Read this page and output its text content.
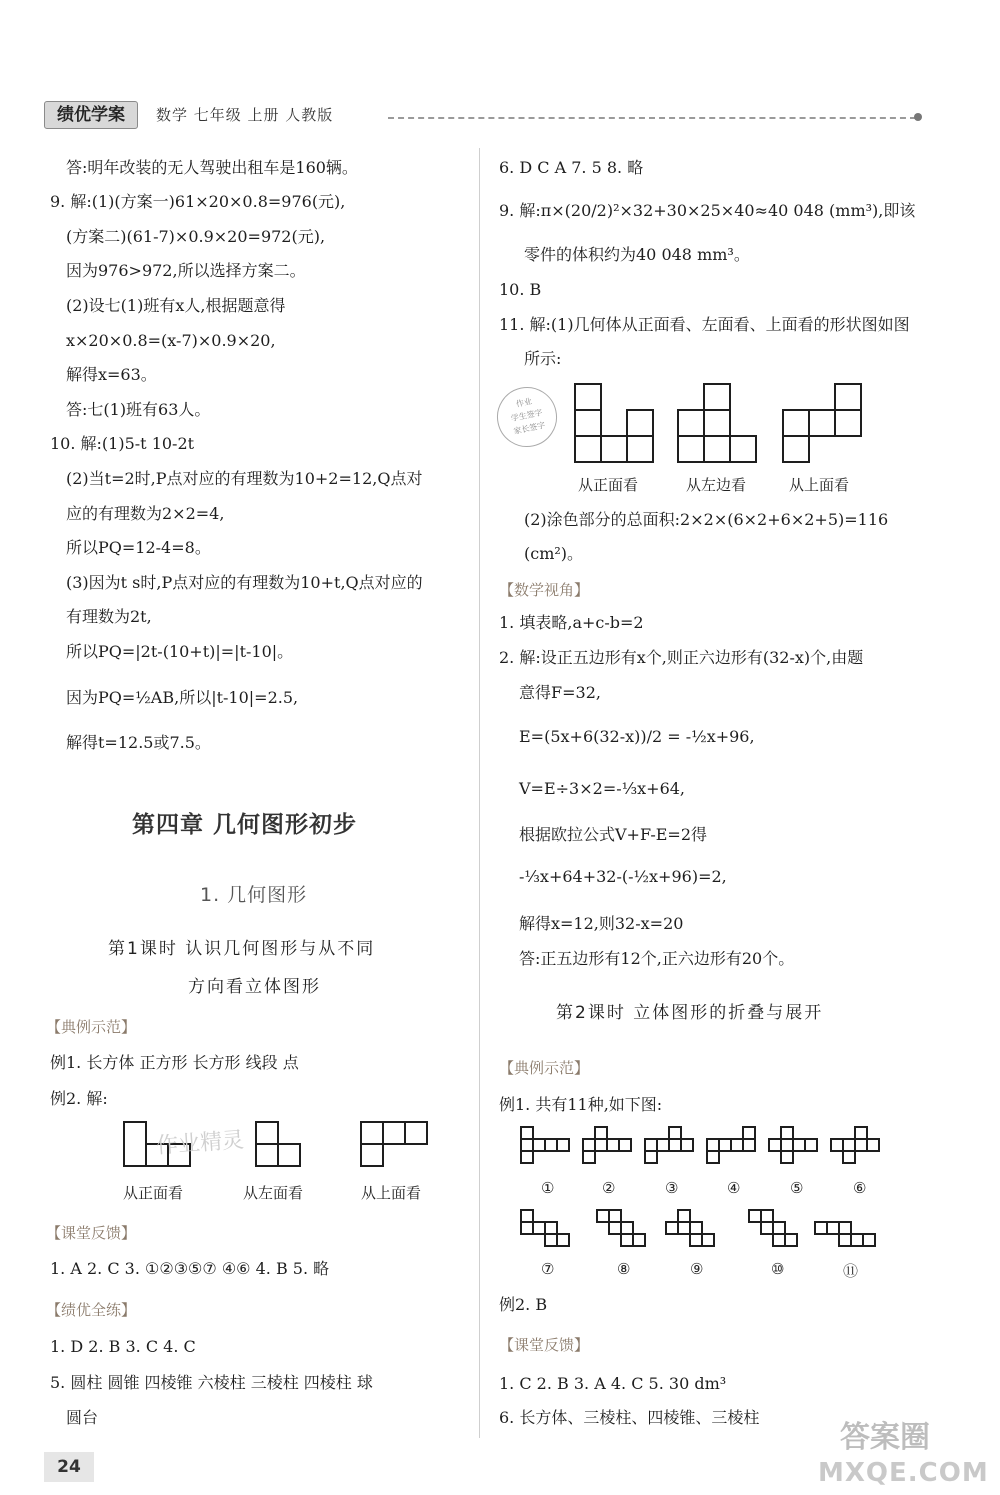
绩优学案	数学 七年级 上册 人教版
答:明年改装的无人驾驶出租车是160辆。
9. 解:(1)(方案一)61×20×0.8=976(元),
(方案二)(61-7)×0.9×20=972(元),
因为976>972,所以选择方案二。
(2)设七(1)班有x人,根据题意得
x×20×0.8=(x-7)×0.9×20,
解得x=63。
答:七(1)班有63人。
10. 解:(1)5-t 10-2t
(2)当t=2时,P点对应的有理数为10+2=12,Q点对
应的有理数为2×2=4,
所以PQ=12-4=8。
(3)因为t s时,P点对应的有理数为10+t,Q点对应的
有理数为2t,
所以PQ=|2t-(10+t)|=|t-10|。
因为PQ=½AB,所以|t-10|=2.5,
解得t=12.5或7.5。
第四章 几何图形初步
1. 几何图形
第1课时 认识几何图形与从不同
方向看立体图形
【典例示范】
例1. 长方体 正方形 长方形 线段 点
例2. 解:
从正面看	从左面看	从上面看
【课堂反馈】
1. A 2. C 3. ①②③⑤⑦ ④⑥ 4. B 5. 略
【绩优全练】
1. D 2. B 3. C 4. C
5. 圆柱 圆锥 四棱锥 六棱柱 三棱柱 四棱柱 球
圆台
6. D C A 7. 5 8. 略
9. 解:π×(20/2)²×32+30×25×40≈40 048 (mm³),即该
零件的体积约为40 048 mm³。
10. B
11. 解:(1)几何体从正面看、左面看、上面看的形状图如图
所示:
作业
学生签字
家长签字
从正面看	从左边看	从上面看
(2)涂色部分的总面积:2×2×(6×2+6×2+5)=116
(cm²)。
【数学视角】
1. 填表略,a+c-b=2
2. 解:设正五边形有x个,则正六边形有(32-x)个,由题
意得F=32,
E=(5x+6(32-x))/2 = -½x+96,
V=E÷3×2=-⅓x+64,
根据欧拉公式V+F-E=2得
-⅓x+64+32-(-½x+96)=2,
解得x=12,则32-x=20
答:正五边形有12个,正六边形有20个。
第2课时 立体图形的折叠与展开
【典例示范】
例1. 共有11种,如下图:
①	②	③	④	⑤	⑥
⑦	⑧	⑨	⑩	⑪
例2. B
【课堂反馈】
1. C 2. B 3. A 4. C 5. 30 dm³
6. 长方体、三棱柱、四棱锥、三棱柱
24
答案圈
MXQE.COM
作业精灵
